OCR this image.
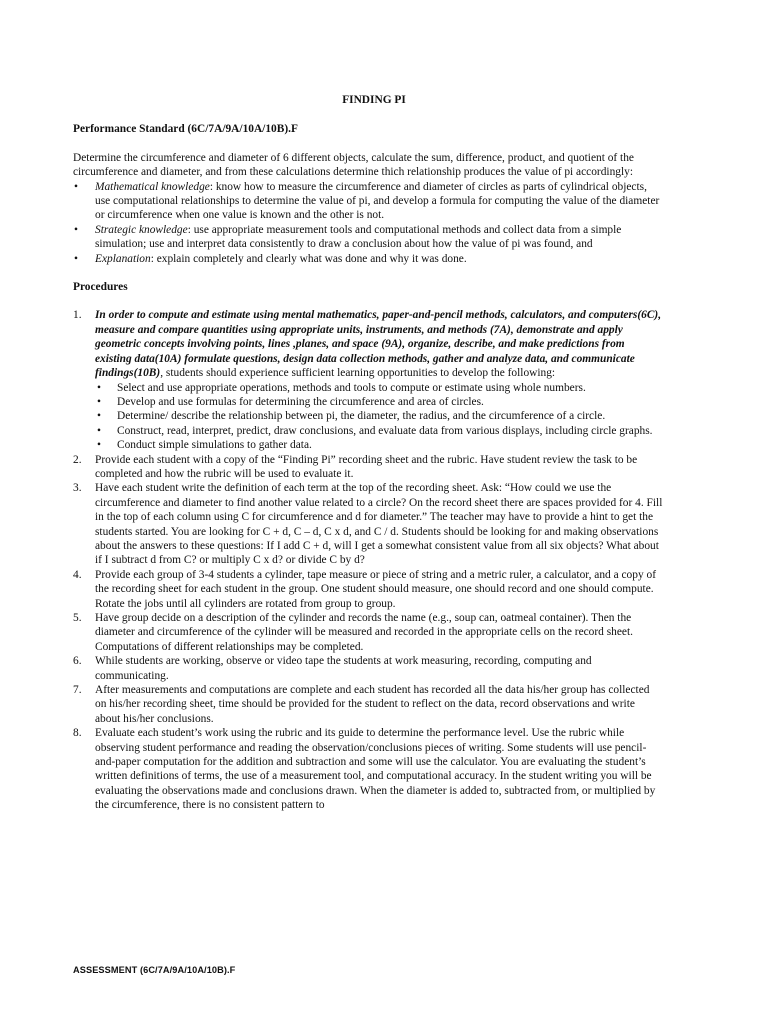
FINDING PI

Performance Standard (6C/7A/9A/10A/10B).F

Determine the circumference and diameter of 6 different objects, calculate the sum, difference, product, and quotient of the circumference and diameter, and from these calculations determine thich relationship produces the value of pi accordingly:

• Mathematical knowledge: know how to measure the circumference and diameter of circles as parts of cylindrical objects, use computational relationships to determine the value of pi, and develop a formula for computing the value of the diameter or circumference when one value is known and the other is not.

• Strategic knowledge: use appropriate measurement tools and computational methods and collect data from a simple simulation; use and interpret data consistently to draw a conclusion about how the value of pi was found, and

• Explanation: explain completely and clearly what was done and why it was done.

Procedures

1. In order to compute and estimate using mental mathematics, paper-and-pencil methods, calculators, and computers(6C), measure and compare quantities using appropriate units, instruments, and methods (7A), demonstrate and apply geometric concepts involving points, lines ,planes, and space (9A), organize, describe, and make predictions from existing data(10A) formulate questions, design data collection methods, gather and analyze data, and communicate findings(10B), students should experience sufficient learning opportunities to develop the following:

• Select and use appropriate operations, methods and tools to compute or estimate using whole numbers.

• Develop and use formulas for determining the circumference and area of circles.

• Determine/ describe the relationship between pi, the diameter, the radius, and the circumference of a circle.

• Construct, read, interpret, predict, draw conclusions, and evaluate data from various displays, including circle graphs.

• Conduct simple simulations to gather data.

2. Provide each student with a copy of the “Finding Pi” recording sheet and the rubric. Have student review the task to be completed and how the rubric will be used to evaluate it.

3. Have each student write the definition of each term at the top of the recording sheet. Ask: “How could we use the circumference and diameter to find another value related to a circle? On the record sheet there are spaces provided for 4. Fill in the top of each column using C for circumference and d for diameter.” The teacher may have to provide a hint to get the students started. You are looking for C + d, C – d, C x d, and C / d. Students should be looking for and making observations about the answers to these questions: If I add C + d, will I get a somewhat consistent value from all six objects? What about if I subtract d from C? or multiply C x d? or divide C by d?

4. Provide each group of 3-4 students a cylinder, tape measure or piece of string and a metric ruler, a calculator, and a copy of the recording sheet for each student in the group. One student should measure, one should record and one should compute. Rotate the jobs until all cylinders are rotated from group to group.

5. Have group decide on a description of the cylinder and records the name (e.g., soup can, oatmeal container). Then the diameter and circumference of the cylinder will be measured and recorded in the appropriate cells on the record sheet. Computations of different relationships may be completed.

6. While students are working, observe or video tape the students at work measuring, recording, computing and communicating.

7. After measurements and computations are complete and each student has recorded all the data his/her group has collected on his/her recording sheet, time should be provided for the student to reflect on the data, record observations and write about his/her conclusions.

8. Evaluate each student’s work using the rubric and its guide to determine the performance level. Use the rubric while observing student performance and reading the observation/conclusions pieces of writing. Some students will use pencil-and-paper computation for the addition and subtraction and some will use the calculator. You are evaluating the student’s written definitions of terms, the use of a measurement tool, and computational accuracy. In the student writing you will be evaluating the observations made and conclusions drawn. When the diameter is added to, subtracted from, or multiplied by the circumference, there is no consistent pattern to

ASSESSMENT (6C/7A/9A/10A/10B).F
